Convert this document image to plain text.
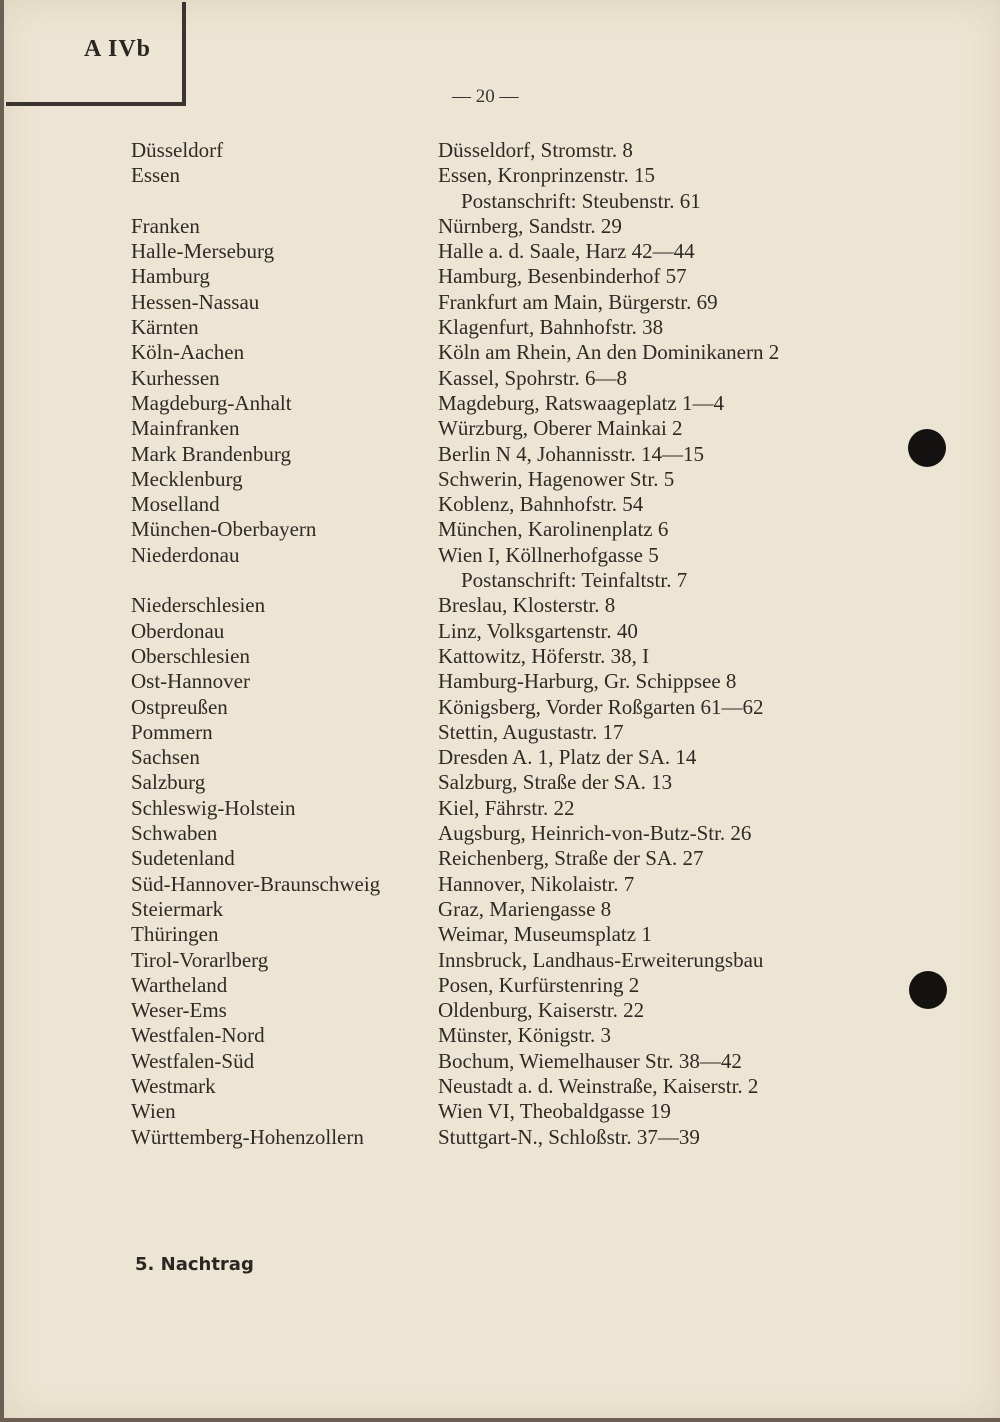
A IVb
— 20 —
Düsseldorf	Düsseldorf, Stromstr. 8
Essen	Essen, Kronprinzenstr. 15
Postanschrift: Steubenstr. 61
Franken	Nürnberg, Sandstr. 29
Halle-Merseburg	Halle a. d. Saale, Harz 42—44
Hamburg	Hamburg, Besenbinderhof 57
Hessen-Nassau	Frankfurt am Main, Bürgerstr. 69
Kärnten	Klagenfurt, Bahnhofstr. 38
Köln-Aachen	Köln am Rhein, An den Dominikanern 2
Kurhessen	Kassel, Spohrstr. 6—8
Magdeburg-Anhalt	Magdeburg, Ratswaageplatz 1—4
Mainfranken	Würzburg, Oberer Mainkai 2
Mark Brandenburg	Berlin N 4, Johannisstr. 14—15
Mecklenburg	Schwerin, Hagenower Str. 5
Moselland	Koblenz, Bahnhofstr. 54
München-Oberbayern	München, Karolinenplatz 6
Niederdonau	Wien I, Köllnerhofgasse 5
Postanschrift: Teinfaltstr. 7
Niederschlesien	Breslau, Klosterstr. 8
Oberdonau	Linz, Volksgartenstr. 40
Oberschlesien	Kattowitz, Höferstr. 38, I
Ost-Hannover	Hamburg-Harburg, Gr. Schippsee 8
Ostpreußen	Königsberg, Vorder Roßgarten 61—62
Pommern	Stettin, Augustastr. 17
Sachsen	Dresden A. 1, Platz der SA. 14
Salzburg	Salzburg, Straße der SA. 13
Schleswig-Holstein	Kiel, Fährstr. 22
Schwaben	Augsburg, Heinrich-von-Butz-Str. 26
Sudetenland	Reichenberg, Straße der SA. 27
Süd-Hannover-Braunschweig	Hannover, Nikolaistr. 7
Steiermark	Graz, Mariengasse 8
Thüringen	Weimar, Museumsplatz 1
Tirol-Vorarlberg	Innsbruck, Landhaus-Erweiterungsbau
Wartheland	Posen, Kurfürstenring 2
Weser-Ems	Oldenburg, Kaiserstr. 22
Westfalen-Nord	Münster, Königstr. 3
Westfalen-Süd	Bochum, Wiemelhauser Str. 38—42
Westmark	Neustadt a. d. Weinstraße, Kaiserstr. 2
Wien	Wien VI, Theobaldgasse 19
Württemberg-Hohenzollern	Stuttgart-N., Schloßstr. 37—39
5. Nachtrag
